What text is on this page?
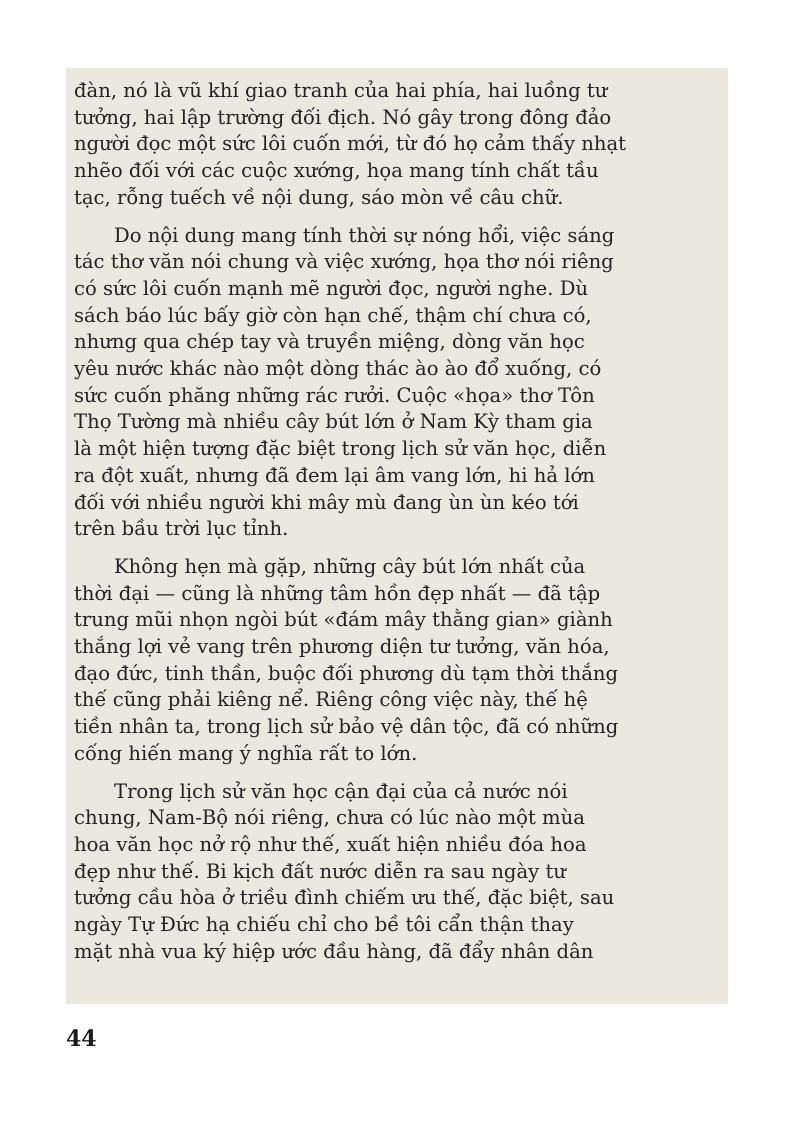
đàn, nó là vũ khí giao tranh của hai phía, hai luồng tư
tưởng, hai lập trường đối địch. Nó gây trong đông đảo
người đọc một sức lôi cuốn mới, từ đó họ cảm thấy nhạt
nhẽo đối với các cuộc xướng, họa mang tính chất tầu
tạc, rỗng tuếch về nội dung, sáo mòn về câu chữ.
Do nội dung mang tính thời sự nóng hổi, việc sáng
tác thơ văn nói chung và việc xướng, họa thơ nói riêng
có sức lôi cuốn mạnh mẽ người đọc, người nghe. Dù
sách báo lúc bấy giờ còn hạn chế, thậm chí chưa có,
nhưng qua chép tay và truyền miệng, dòng văn học
yêu nước khác nào một dòng thác ào ào đổ xuống, có
sức cuốn phăng những rác rưởi. Cuộc «họa» thơ Tôn
Thọ Tường mà nhiều cây bút lớn ở Nam Kỳ tham gia
là một hiện tượng đặc biệt trong lịch sử văn học, diễn
ra đột xuất, nhưng đã đem lại âm vang lớn, hi hả lớn
đối với nhiều người khi mây mù đang ùn ùn kéo tới
trên bầu trời lục tỉnh.
Không hẹn mà gặp, những cây bút lớn nhất của
thời đại — cũng là những tâm hồn đẹp nhất — đã tập
trung mũi nhọn ngòi bút «đám mây thằng gian» giành
thắng lợi vẻ vang trên phương diện tư tưởng, văn hóa,
đạo đức, tinh thần, buộc đối phương dù tạm thời thắng
thế cũng phải kiêng nể. Riêng công việc này, thế hệ
tiền nhân ta, trong lịch sử bảo vệ dân tộc, đã có những
cống hiến mang ý nghĩa rất to lớn.
Trong lịch sử văn học cận đại của cả nước nói
chung, Nam-Bộ nói riêng, chưa có lúc nào một mùa
hoa văn học nở rộ như thế, xuất hiện nhiều đóa hoa
đẹp như thế. Bi kịch đất nước diễn ra sau ngày tư
tưởng cầu hòa ở triều đình chiếm ưu thế, đặc biệt, sau
ngày Tự Đức hạ chiếu chỉ cho bề tôi cẩn thận thay
mặt nhà vua ký hiệp ước đầu hàng, đã đẩy nhân dân
44
